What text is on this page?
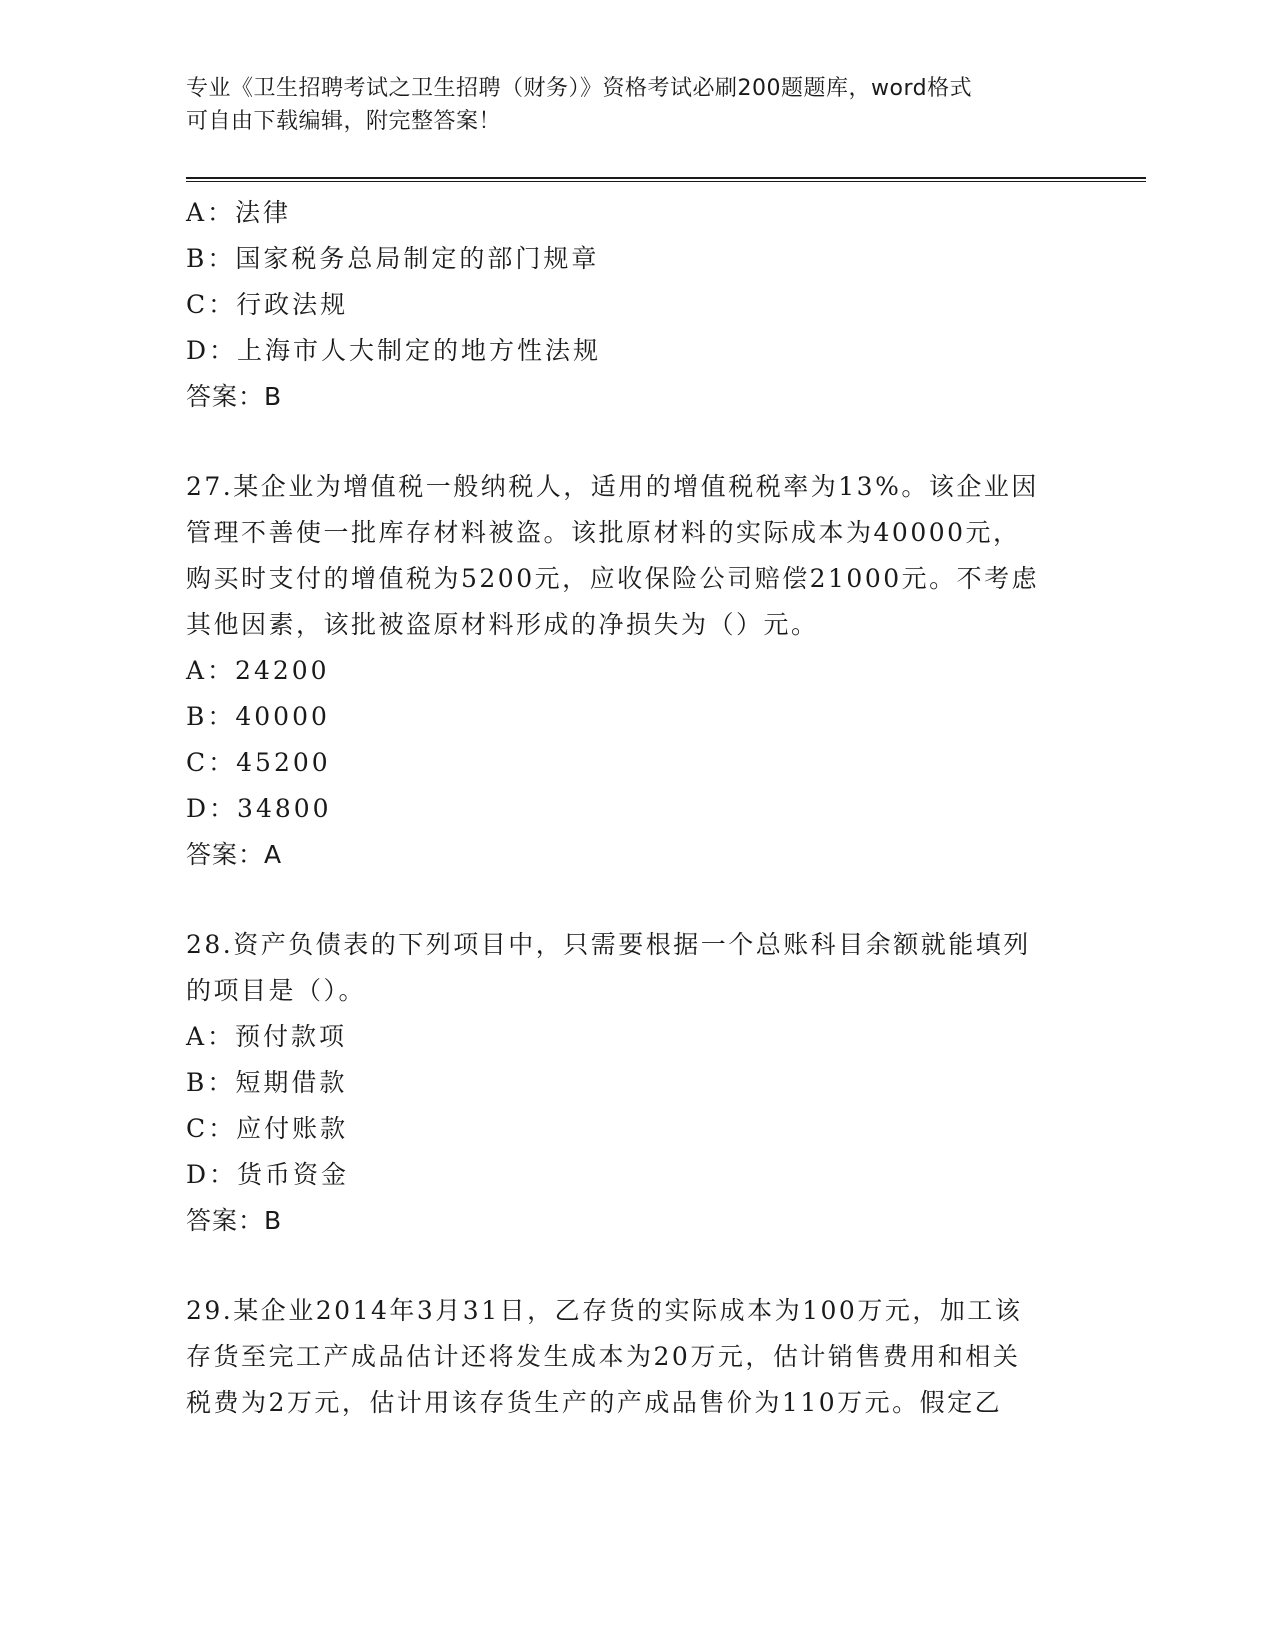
专业《卫生招聘考试之卫生招聘（财务）》资格考试必刷200题题库，word格式
可自由下载编辑，附完整答案！
A：法律
B：国家税务总局制定的部门规章
C：行政法规
D：上海市人大制定的地方性法规
答案：B
27.某企业为增值税一般纳税人，适用的增值税税率为13%。该企业因
管理不善使一批库存材料被盗。该批原材料的实际成本为40000元，
购买时支付的增值税为5200元，应收保险公司赔偿21000元。不考虑
其他因素，该批被盗原材料形成的净损失为（）元。
A：24200
B：40000
C：45200
D：34800
答案：A
28.资产负债表的下列项目中，只需要根据一个总账科目余额就能填列
的项目是（）。
A：预付款项
B：短期借款
C：应付账款
D：货币资金
答案：B
29.某企业2014年3月31日，乙存货的实际成本为100万元，加工该
存货至完工产成品估计还将发生成本为20万元，估计销售费用和相关
税费为2万元，估计用该存货生产的产成品售价为110万元。假定乙
